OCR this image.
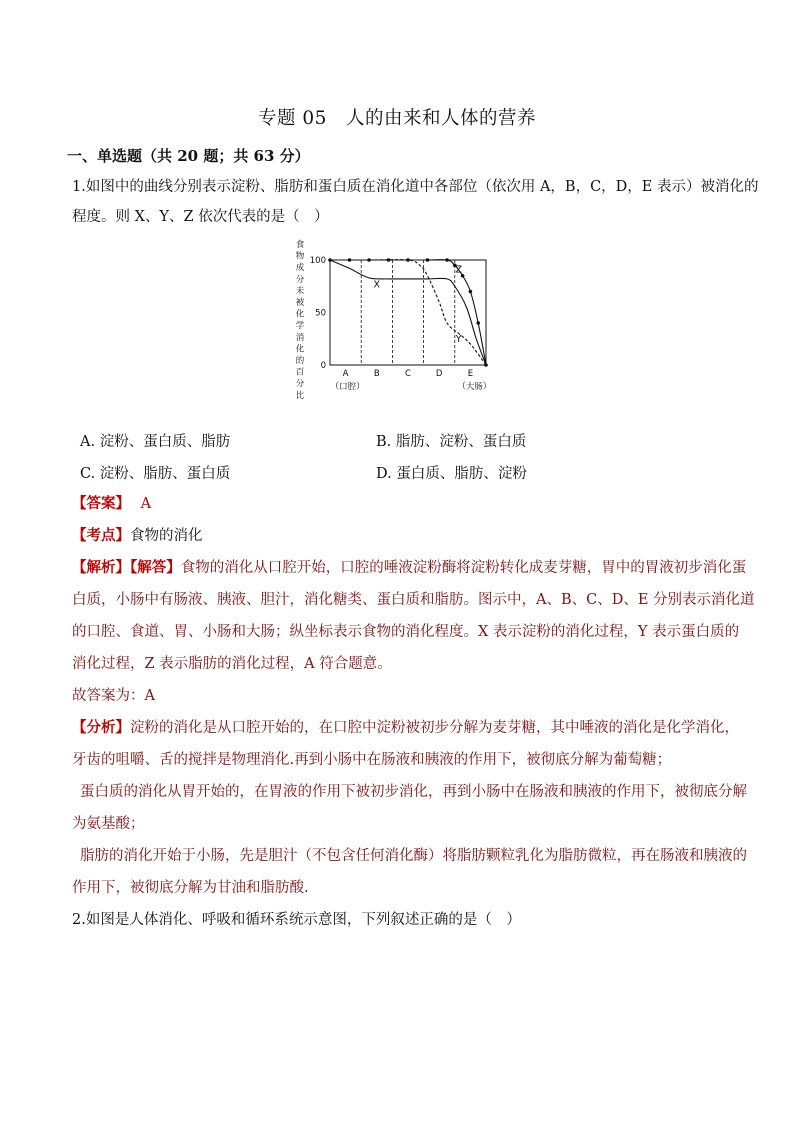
专题 05　人的由来和人体的营养
一、单选题（共 20 题；共 63 分）
1.如图中的曲线分别表示淀粉、脂肪和蛋白质在消化道中各部位（依次用 A，B，C，D，E 表示）被消化的
程度。则 X、Y、Z 依次代表的是（　）
食
物
成
分
未
被
化
学
消
化
的
百
分
比
100
50
0
A
（口腔）
B	C	D	E
（大肠）
X
Y
Z
A. 淀粉、蛋白质、脂肪	B. 脂肪、淀粉、蛋白质
C. 淀粉、脂肪、蛋白质	D. 蛋白质、脂肪、淀粉
【答案】 A
【考点】食物的消化
【解析】【解答】食物的消化从口腔开始，口腔的唾液淀粉酶将淀粉转化成麦芽糖，胃中的胃液初步消化蛋
白质，小肠中有肠液、胰液、胆汁，消化糖类、蛋白质和脂肪。图示中，A、B、C、D、E 分别表示消化道
的口腔、食道、胃、小肠和大肠；纵坐标表示食物的消化程度。X 表示淀粉的消化过程，Y 表示蛋白质的
消化过程，Z 表示脂肪的消化过程，A 符合题意。
故答案为：A
【分析】淀粉的消化是从口腔开始的，在口腔中淀粉被初步分解为麦芽糖，其中唾液的消化是化学消化，
牙齿的咀嚼、舌的搅拌是物理消化.再到小肠中在肠液和胰液的作用下，被彻底分解为葡萄糖；
蛋白质的消化从胃开始的，在胃液的作用下被初步消化，再到小肠中在肠液和胰液的作用下，被彻底分解
为氨基酸；
脂肪的消化开始于小肠，先是胆汁（不包含任何消化酶）将脂肪颗粒乳化为脂肪微粒，再在肠液和胰液的
作用下，被彻底分解为甘油和脂肪酸.
2.如图是人体消化、呼吸和循环系统示意图，下列叙述正确的是（　）
